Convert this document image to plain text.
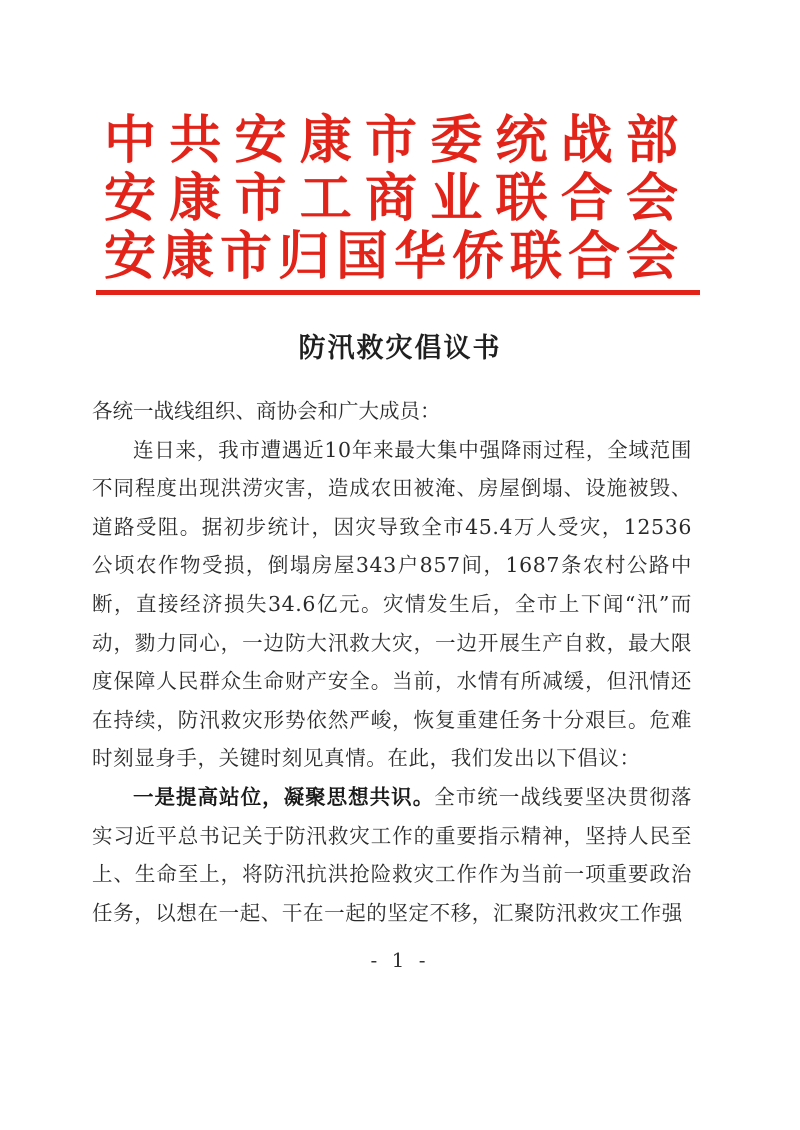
中共安康市委统战部
安康市工商业联合会
安康市归国华侨联合会
防汛救灾倡议书

各统一战线组织、商协会和广大成员：

连日来，我市遭遇近10年来最大集中强降雨过程，全域范围不同程度出现洪涝灾害，造成农田被淹、房屋倒塌、设施被毁、道路受阻。据初步统计，因灾导致全市45.4万人受灾，12536公顷农作物受损，倒塌房屋343户857间，1687条农村公路中断，直接经济损失34.6亿元。灾情发生后，全市上下闻“汛”而动，勠力同心，一边防大汛救大灾，一边开展生产自救，最大限度保障人民群众生命财产安全。当前，水情有所减缓，但汛情还在持续，防汛救灾形势依然严峻，恢复重建任务十分艰巨。危难时刻显身手，关键时刻见真情。在此，我们发出以下倡议：

一是提高站位，凝聚思想共识。全市统一战线要坚决贯彻落实习近平总书记关于防汛救灾工作的重要指示精神，坚持人民至上、生命至上，将防汛抗洪抢险救灾工作作为当前一项重要政治任务，以想在一起、干在一起的坚定不移，汇聚防汛救灾工作强

- 1 -
